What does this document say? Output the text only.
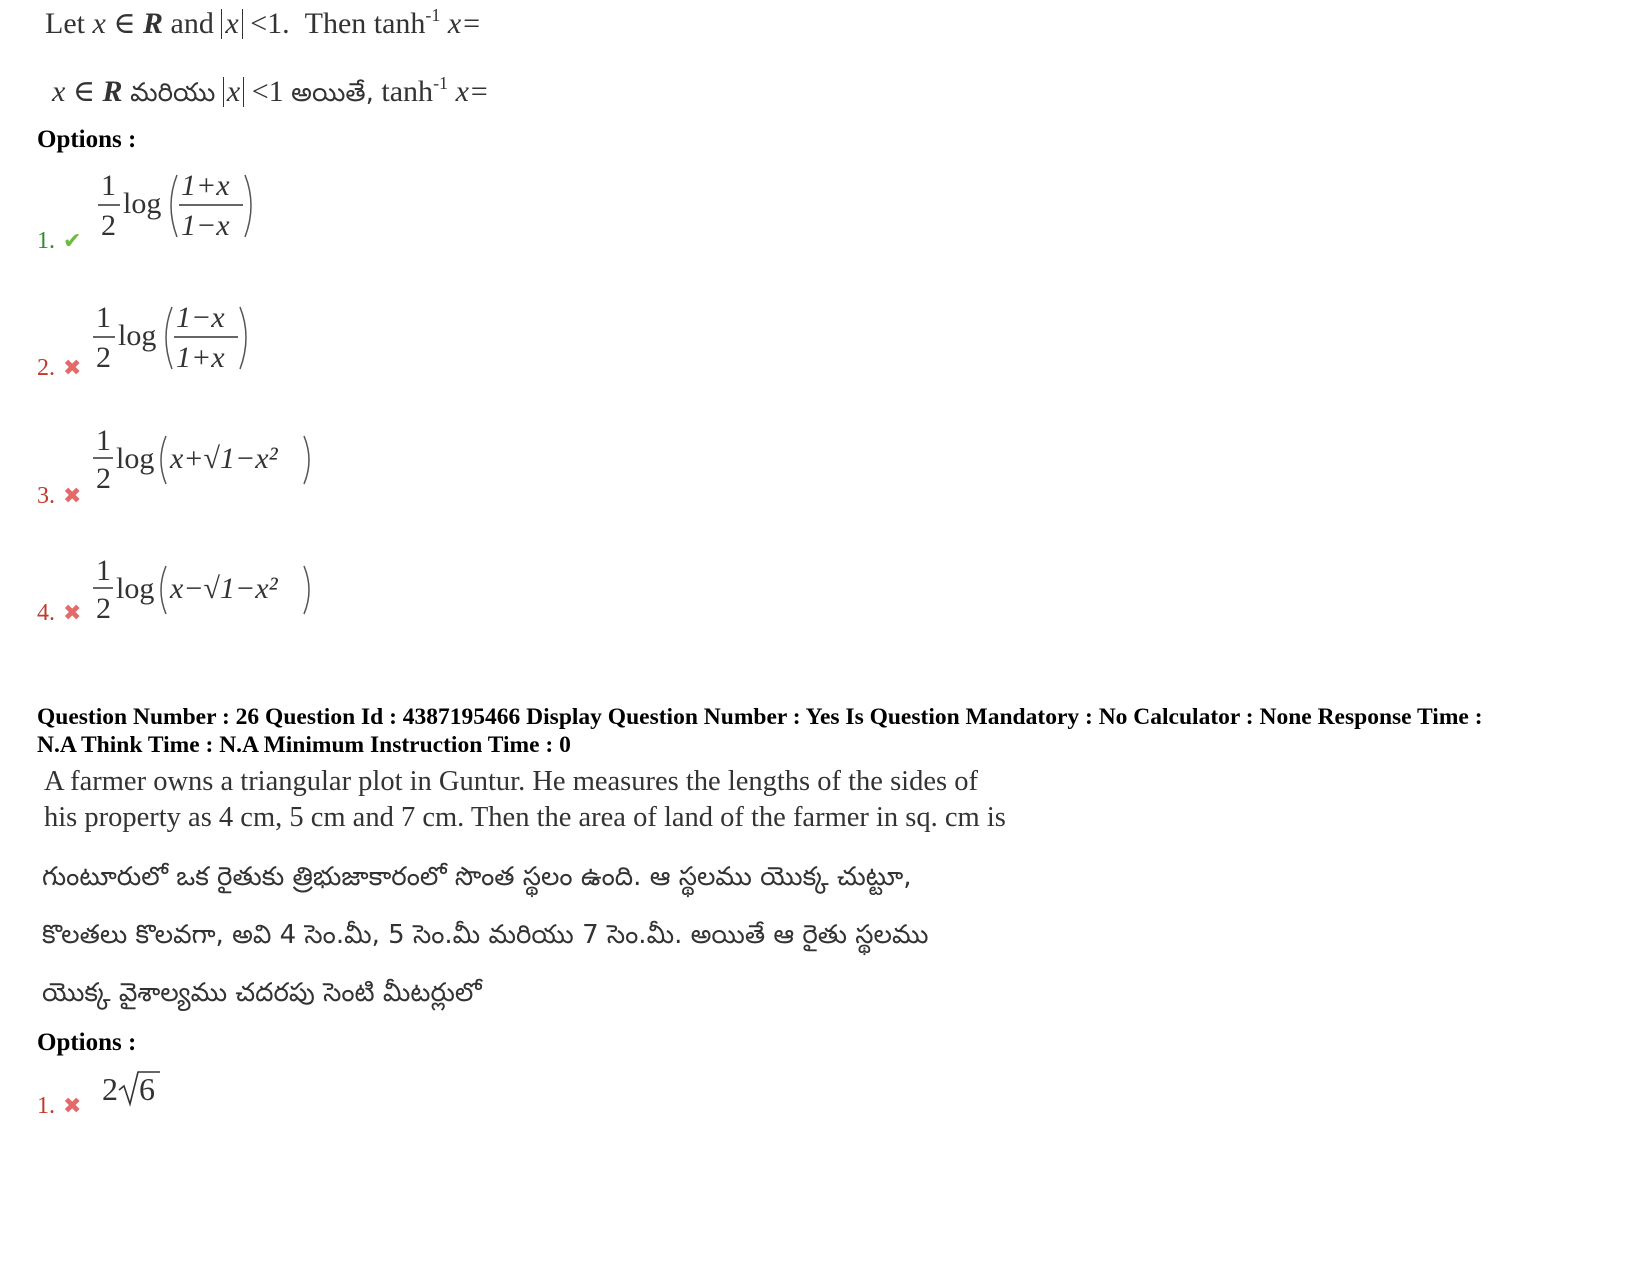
Let x ∈ R and x <1. Then $\tanh^{-1} x=$
x ∈ R మరియు x <1 అయితే, $\tanh^{-1} x=$
Options :
1. ✔
1
2
log
1+x
1−x
2. ✖
1
2
log
1−x
1+x
3. ✖
1
2
log x+√1−x²
4. ✖
1
2
log x−√1−x²
Question Number : 26 Question Id : 4387195466 Display Question Number : Yes Is Question Mandatory : No Calculator : None Response Time :
N.A Think Time : N.A Minimum Instruction Time : 0
A farmer owns a triangular plot in Guntur. He measures the lengths of the sides of
his property as 4 cm, 5 cm and 7 cm. Then the area of land of the farmer in sq. cm is
గుంటూరులో ఒక రైతుకు త్రిభుజాకారంలో సొంత స్థలం ఉంది. ఆ స్థలము యొక్క చుట్టూ,
కొలతలు కొలవగా, అవి 4 సెం.మీ, 5 సెం.మీ మరియు 7 సెం.మీ. అయితే ఆ రైతు స్థలము
యొక్క వైశాల్యము చదరపు సెంటి మీటర్లులో
Options :
1. ✖ 2 6
